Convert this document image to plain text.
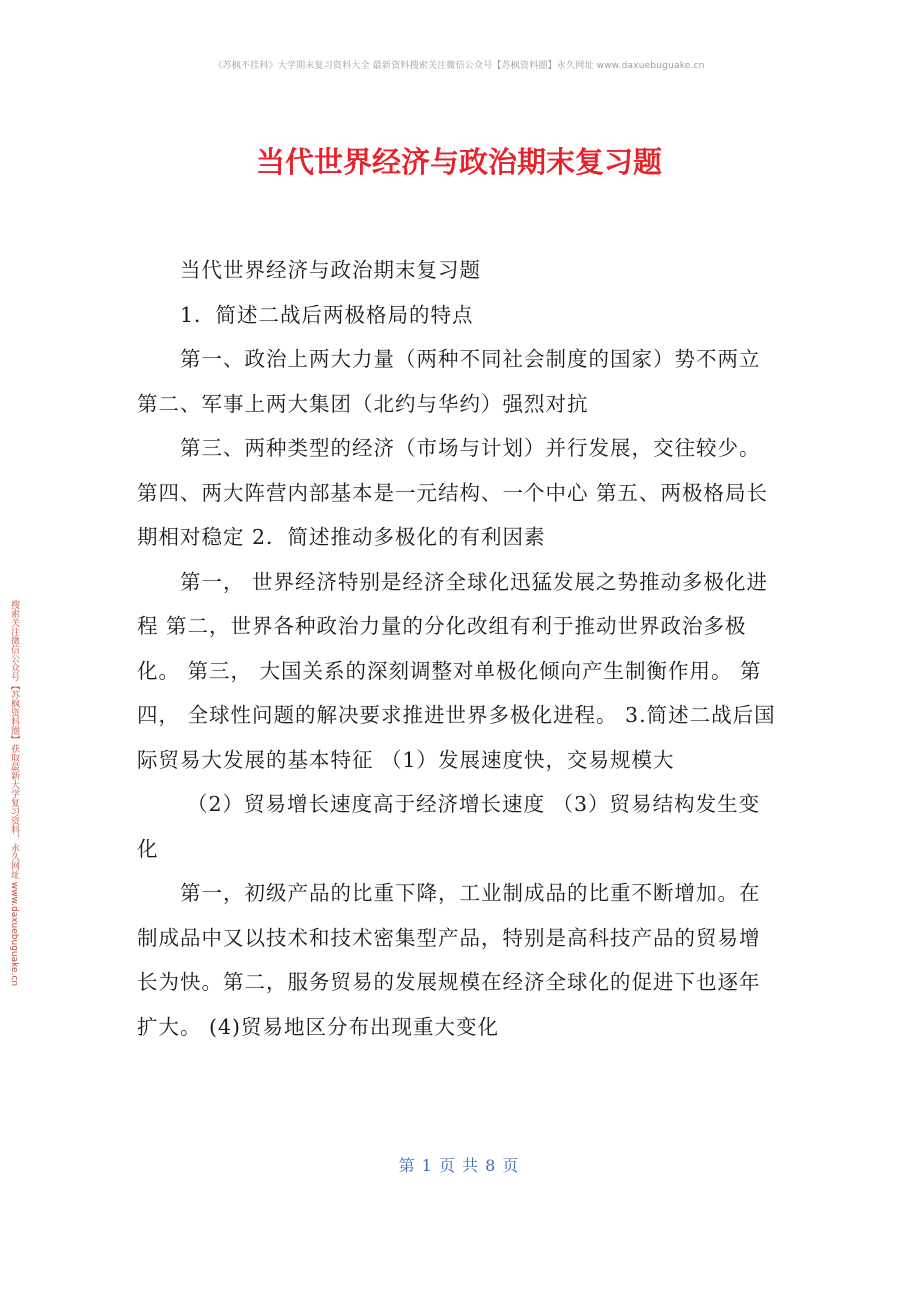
《苏枫不挂科》大学期末复习资料大全 最新资料搜索关注微信公众号【苏枫资料圈】永久网址 www.daxuebuguake.cn
搜索关注微信公众号【苏枫资料圈】获取最新大学复习资料，永久网址 www.daxuebuguake.cn
当代世界经济与政治期末复习题

当代世界经济与政治期末复习题

1．简述二战后两极格局的特点

第一、政治上两大力量（两种不同社会制度的国家）势不两立 第二、军事上两大集团（北约与华约）强烈对抗

第三、两种类型的经济（市场与计划）并行发展，交往较少。 第四、两大阵营内部基本是一元结构、一个中心 第五、两极格局长期相对稳定 2．简述推动多极化的有利因素

第一， 世界经济特别是经济全球化迅猛发展之势推动多极化进程 第二，世界各种政治力量的分化改组有利于推动世界政治多极化。 第三， 大国关系的深刻调整对单极化倾向产生制衡作用。 第四， 全球性问题的解决要求推进世界多极化进程。 3.简述二战后国际贸易大发展的基本特征 （1）发展速度快，交易规模大

（2）贸易增长速度高于经济增长速度 （3）贸易结构发生变化

第一，初级产品的比重下降，工业制成品的比重不断增加。在制成品中又以技术和技术密集型产品，特别是高科技产品的贸易增长为快。第二，服务贸易的发展规模在经济全球化的促进下也逐年扩大。 (4)贸易地区分布出现重大变化

第 1 页 共 8 页
